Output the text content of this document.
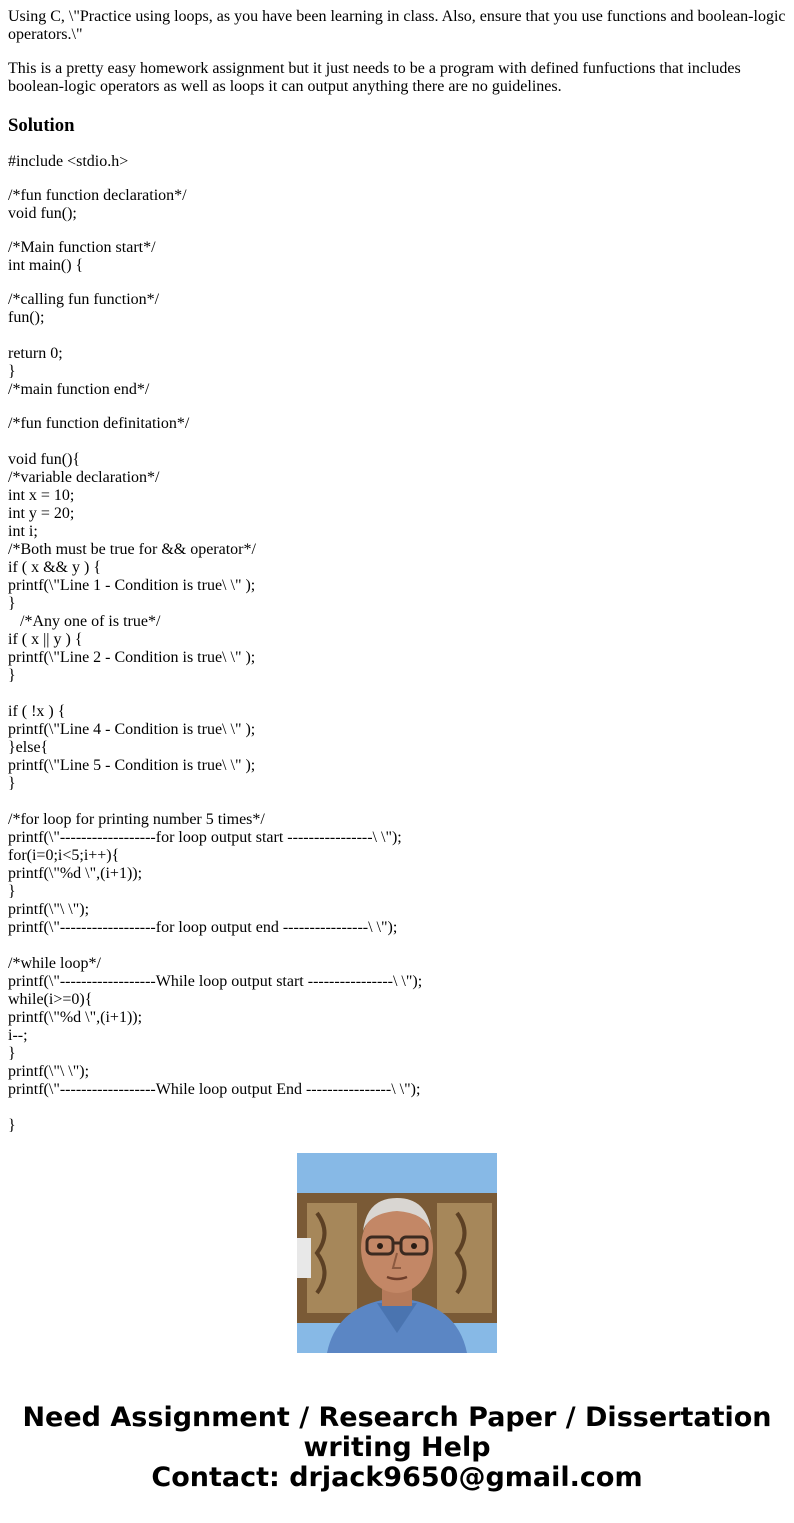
Using C, \"Practice using loops, as you have been learning in class. Also, ensure that you use functions and boolean-logic operators.\"

This is a pretty easy homework assignment but it just needs to be a program with defined funfuctions that includes boolean-logic operators as well as loops it can output anything there are no guidelines.

Solution
#include <stdio.h>
/*fun function declaration*/
void fun();
/*Main function start*/
int main() {
/*calling fun function*/
fun();
return 0;
}
/*main function end*/
/*fun function definitation*/
void fun(){
/*variable declaration*/
int x = 10;
int y = 20;
int i;
/*Both must be true for && operator*/
if ( x && y ) {
printf(\"Line 1 - Condition is true\ \" );
}
/*Any one of is true*/
if ( x || y ) {
printf(\"Line 2 - Condition is true\ \" );
}
if ( !x ) {
printf(\"Line 4 - Condition is true\ \" );
}else{
printf(\"Line 5 - Condition is true\ \" );
}
/*for loop for printing number 5 times*/
printf(\"------------------for loop output start ----------------\ \");
for(i=0;i<5;i++){
printf(\"%d \",(i+1));
}
printf(\"\ \");
printf(\"------------------for loop output end ----------------\ \");
/*while loop*/
printf(\"------------------While loop output start ----------------\ \");
while(i>=0){
printf(\"%d \",(i+1));
i--;
}
printf(\"\ \");
printf(\"------------------While loop output End ----------------\ \");
}
Need Assignment / Research Paper / Dissertation
writing Help
Contact: drjack9650@gmail.com
